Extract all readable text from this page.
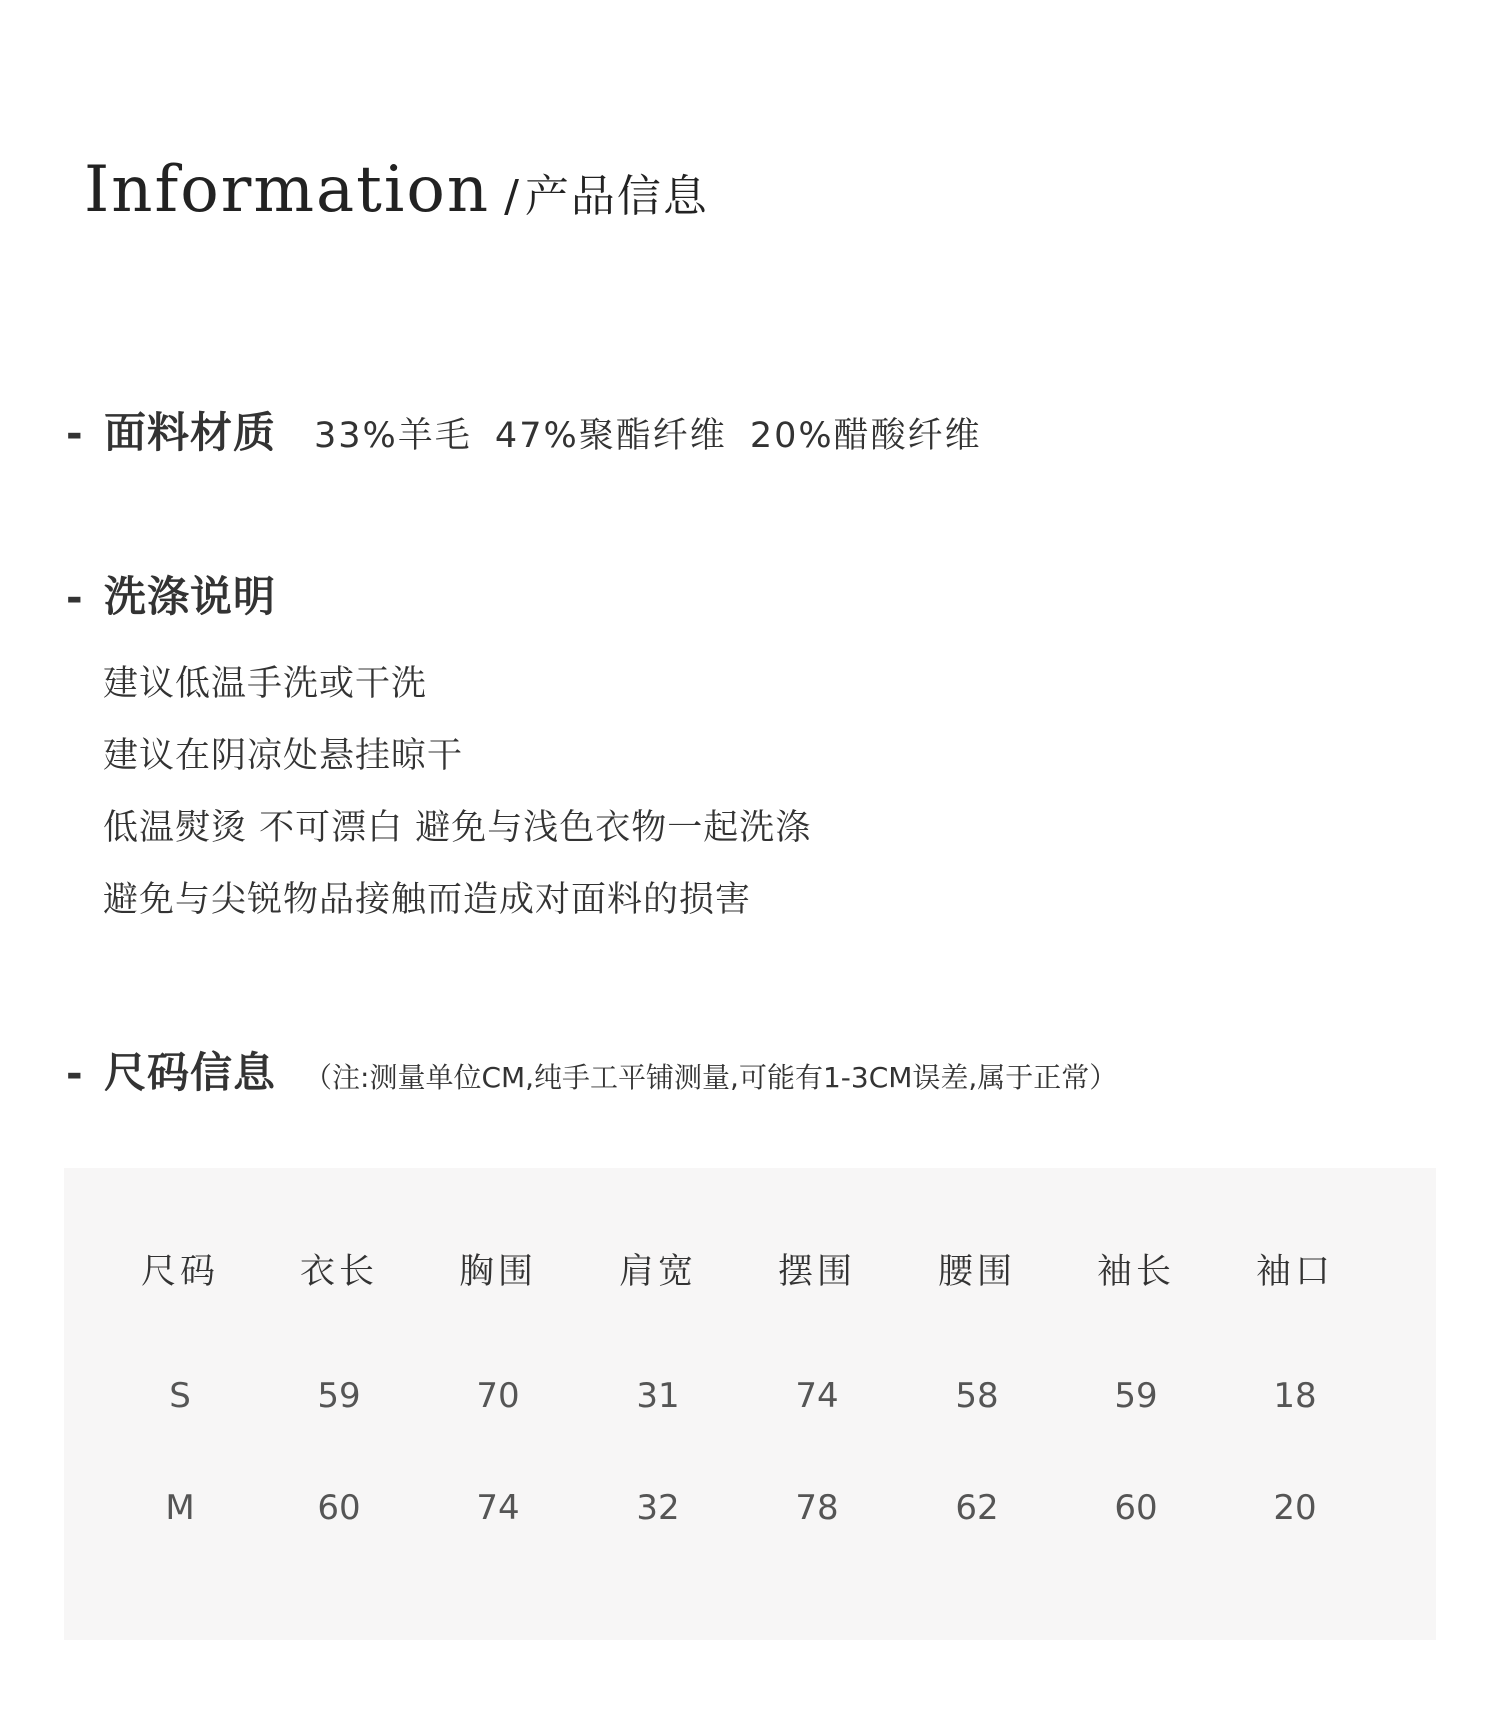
Information / 产品信息
- 面料材质 33%羊毛 47%聚酯纤维 20%醋酸纤维
- 洗涤说明
建议低温手洗或干洗
建议在阴凉处悬挂晾干
低温熨烫 不可漂白 避免与浅色衣物一起洗涤
避免与尖锐物品接触而造成对面料的损害
- 尺码信息 （注:测量单位CM,纯手工平铺测量,可能有1-3CM误差,属于正常）
尺码	衣长	胸围	肩宽	摆围	腰围	袖长	袖口
S	59	70	31	74	58	59	18
M	60	74	32	78	62	60	20
